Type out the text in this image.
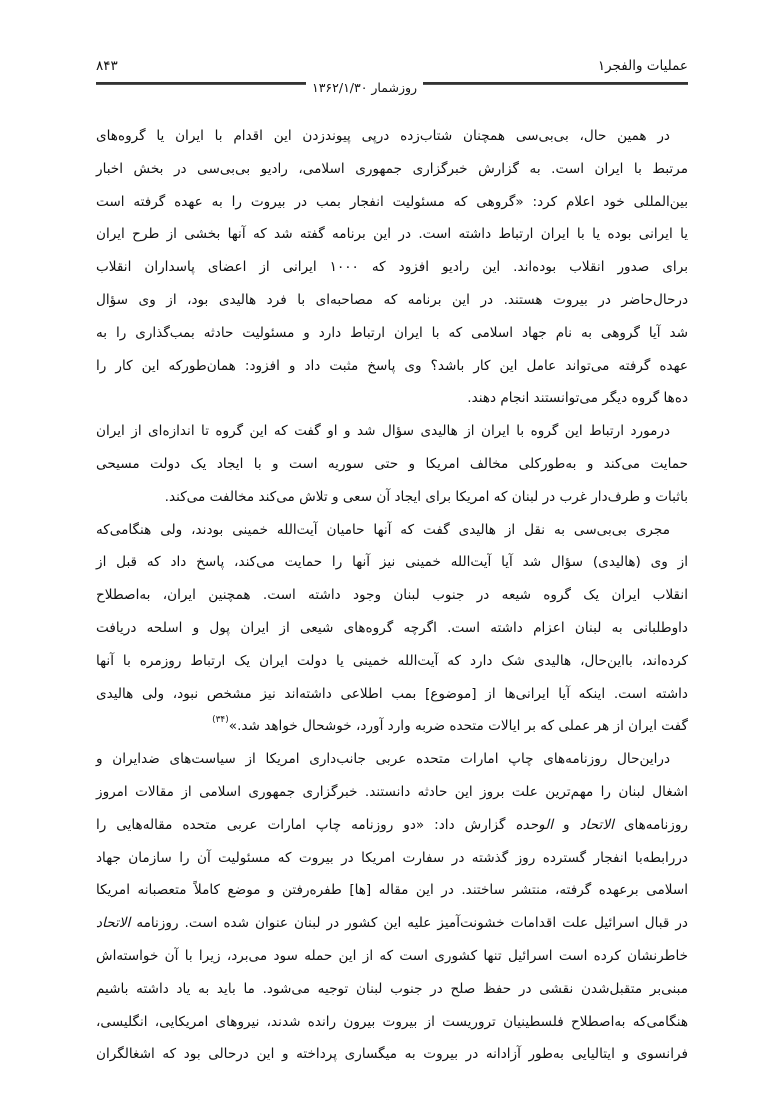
عملیات والفجر۱
۸۴۳
روزشمار ۱۳۶۲/۱/۳۰
در همین حال، بی‌بی‌سی همچنان شتاب‌زده درپی پیوندزدن این اقدام با ایران یا گروه‌های
مرتبط با ایران است. به گزارش خبرگزاری جمهوری اسلامی، رادیو بی‌بی‌سی در بخش اخبار
بین‌المللی خود اعلام کرد: «گروهی که مسئولیت انفجار بمب در بیروت را به عهده گرفته است
یا ایرانی بوده یا با ایران ارتباط داشته است. در این برنامه گفته شد که آنها بخشی از طرح ایران
برای صدور انقلاب بوده‌اند. این رادیو افزود که ۱۰۰۰ ایرانی از اعضای پاسداران انقلاب
درحال‌حاضر در بیروت هستند. در این برنامه که مصاحبه‌ای با فرد هالیدی بود، از وی سؤال
شد آیا گروهی به نام جهاد اسلامی که با ایران ارتباط دارد و مسئولیت حادثه بمب‌گذاری را به
عهده گرفته می‌تواند عامل این کار باشد؟ وی پاسخ مثبت داد و افزود: همان‌طورکه این کار را
ده‌ها گروه دیگر می‌توانستند انجام دهند.
درمورد ارتباط این گروه با ایران از هالیدی سؤال شد و او گفت که این گروه تا اندازه‌ای از ایران
حمایت می‌کند و به‌طورکلی مخالف امریکا و حتی سوریه است و با ایجاد یک دولت مسیحی
باثبات و طرف‌دار غرب در لبنان که امریکا برای ایجاد آن سعی و تلاش می‌کند مخالفت می‌کند.
مجری بی‌بی‌سی به نقل از هالیدی گفت که آنها حامیان آیت‌الله خمینی بودند، ولی هنگامی‌که
از وی (هالیدی) سؤال شد آیا آیت‌الله خمینی نیز آنها را حمایت می‌کند، پاسخ داد که قبل از
انقلاب ایران یک گروه شیعه در جنوب لبنان وجود داشته است. همچنین ایران، به‌اصطلاح
داوطلبانی به لبنان اعزام داشته است. اگرچه گروه‌های شیعی از ایران پول و اسلحه دریافت
کرده‌اند، بااین‌حال، هالیدی شک دارد که آیت‌الله خمینی یا دولت ایران یک ارتباط روزمره با آنها
داشته است. اینکه آیا ایرانی‌ها از [موضوع] بمب اطلاعی داشته‌اند نیز مشخص نبود، ولی هالیدی
گفت ایران از هر عملی که بر ایالات متحده ضربه وارد آورد، خوشحال خواهد شد.»$^{(۳۴)}$
دراین‌حال روزنامه‌های چاپ امارات متحده عربی جانب‌داری امریکا از سیاست‌های ضدایران و
اشغال لبنان را مهم‌ترین علت بروز این حادثه دانستند. خبرگزاری جمهوری اسلامی از مقالات امروز
روزنامه‌های الاتحاد و الوحده گزارش داد: «دو روزنامه چاپ امارات عربی متحده مقاله‌هایی را
دررابطه‌با انفجار گسترده روز گذشته در سفارت امریکا در بیروت که مسئولیت آن را سازمان جهاد
اسلامی برعهده گرفته، منتشر ساختند. در این مقاله [ها] طفره‌رفتن و موضع کاملاً متعصبانه امریکا
در قبال اسرائیل علت اقدامات خشونت‌آمیز علیه این کشور در لبنان عنوان شده است. روزنامه الاتحاد
خاطرنشان کرده است اسرائیل تنها کشوری است که از این حمله سود می‌برد، زیرا با آن خواسته‌اش
مبنی‌بر متقبل‌شدن نقشی در حفظ صلح در جنوب لبنان توجیه می‌شود. ما باید به یاد داشته باشیم
هنگامی‌که به‌اصطلاح فلسطینیان تروریست از بیروت بیرون رانده شدند، نیروهای امریکایی، انگلیسی،
فرانسوی و ایتالیایی به‌طور آزادانه در بیروت به میگساری پرداخته و این درحالی بود که اشغالگران
